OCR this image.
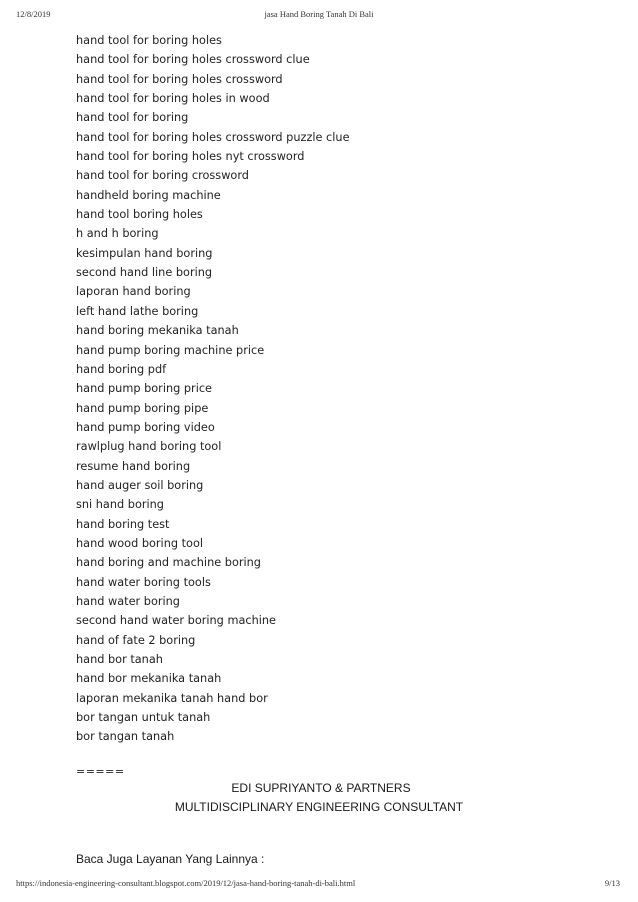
12/8/2019	jasa Hand Boring Tanah Di Bali
hand tool for boring holes
hand tool for boring holes crossword clue
hand tool for boring holes crossword
hand tool for boring holes in wood
hand tool for boring
hand tool for boring holes crossword puzzle clue
hand tool for boring holes nyt crossword
hand tool for boring crossword
handheld boring machine
hand tool boring holes
h and h boring
kesimpulan hand boring
second hand line boring
laporan hand boring
left hand lathe boring
hand boring mekanika tanah
hand pump boring machine price
hand boring pdf
hand pump boring price
hand pump boring pipe
hand pump boring video
rawlplug hand boring tool
resume hand boring
hand auger soil boring
sni hand boring
hand boring test
hand wood boring tool
hand boring and machine boring
hand water boring tools
hand water boring
second hand water boring machine
hand of fate 2 boring
hand bor tanah
hand bor mekanika tanah
laporan mekanika tanah hand bor
bor tangan untuk tanah
bor tangan tanah
=====
EDI SUPRIYANTO & PARTNERS
MULTIDISCIPLINARY ENGINEERING CONSULTANT
Baca Juga Layanan Yang Lainnya :
https://indonesia-engineering-consultant.blogspot.com/2019/12/jasa-hand-boring-tanah-di-bali.html	9/13
